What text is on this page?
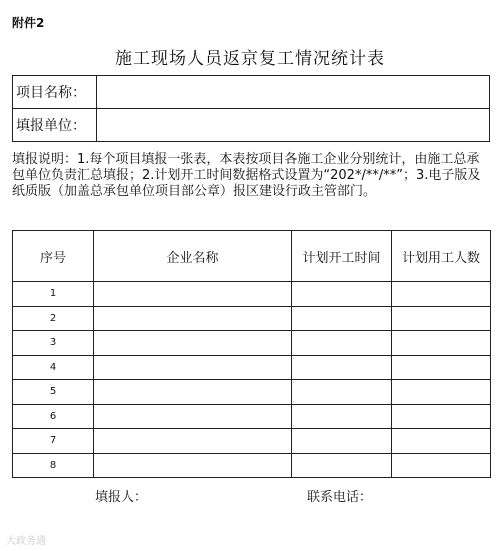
附件2
施工现场人员返京复工情况统计表
项目名称：	
填报单位：	
填报说明：1.每个项目填报一张表，本表按项目各施工企业分别统计，由施工总承包单位负责汇总填报；2.计划开工时间数据格式设置为“202*/**/**”；3.电子版及纸质版（加盖总承包单位项目部公章）报区建设行政主管部门。
序号	企业名称	计划开工时间	计划用工人数
1			
2			
3			
4			
5			
6			
7			
8			
填报人：	联系电话：
大政务通
